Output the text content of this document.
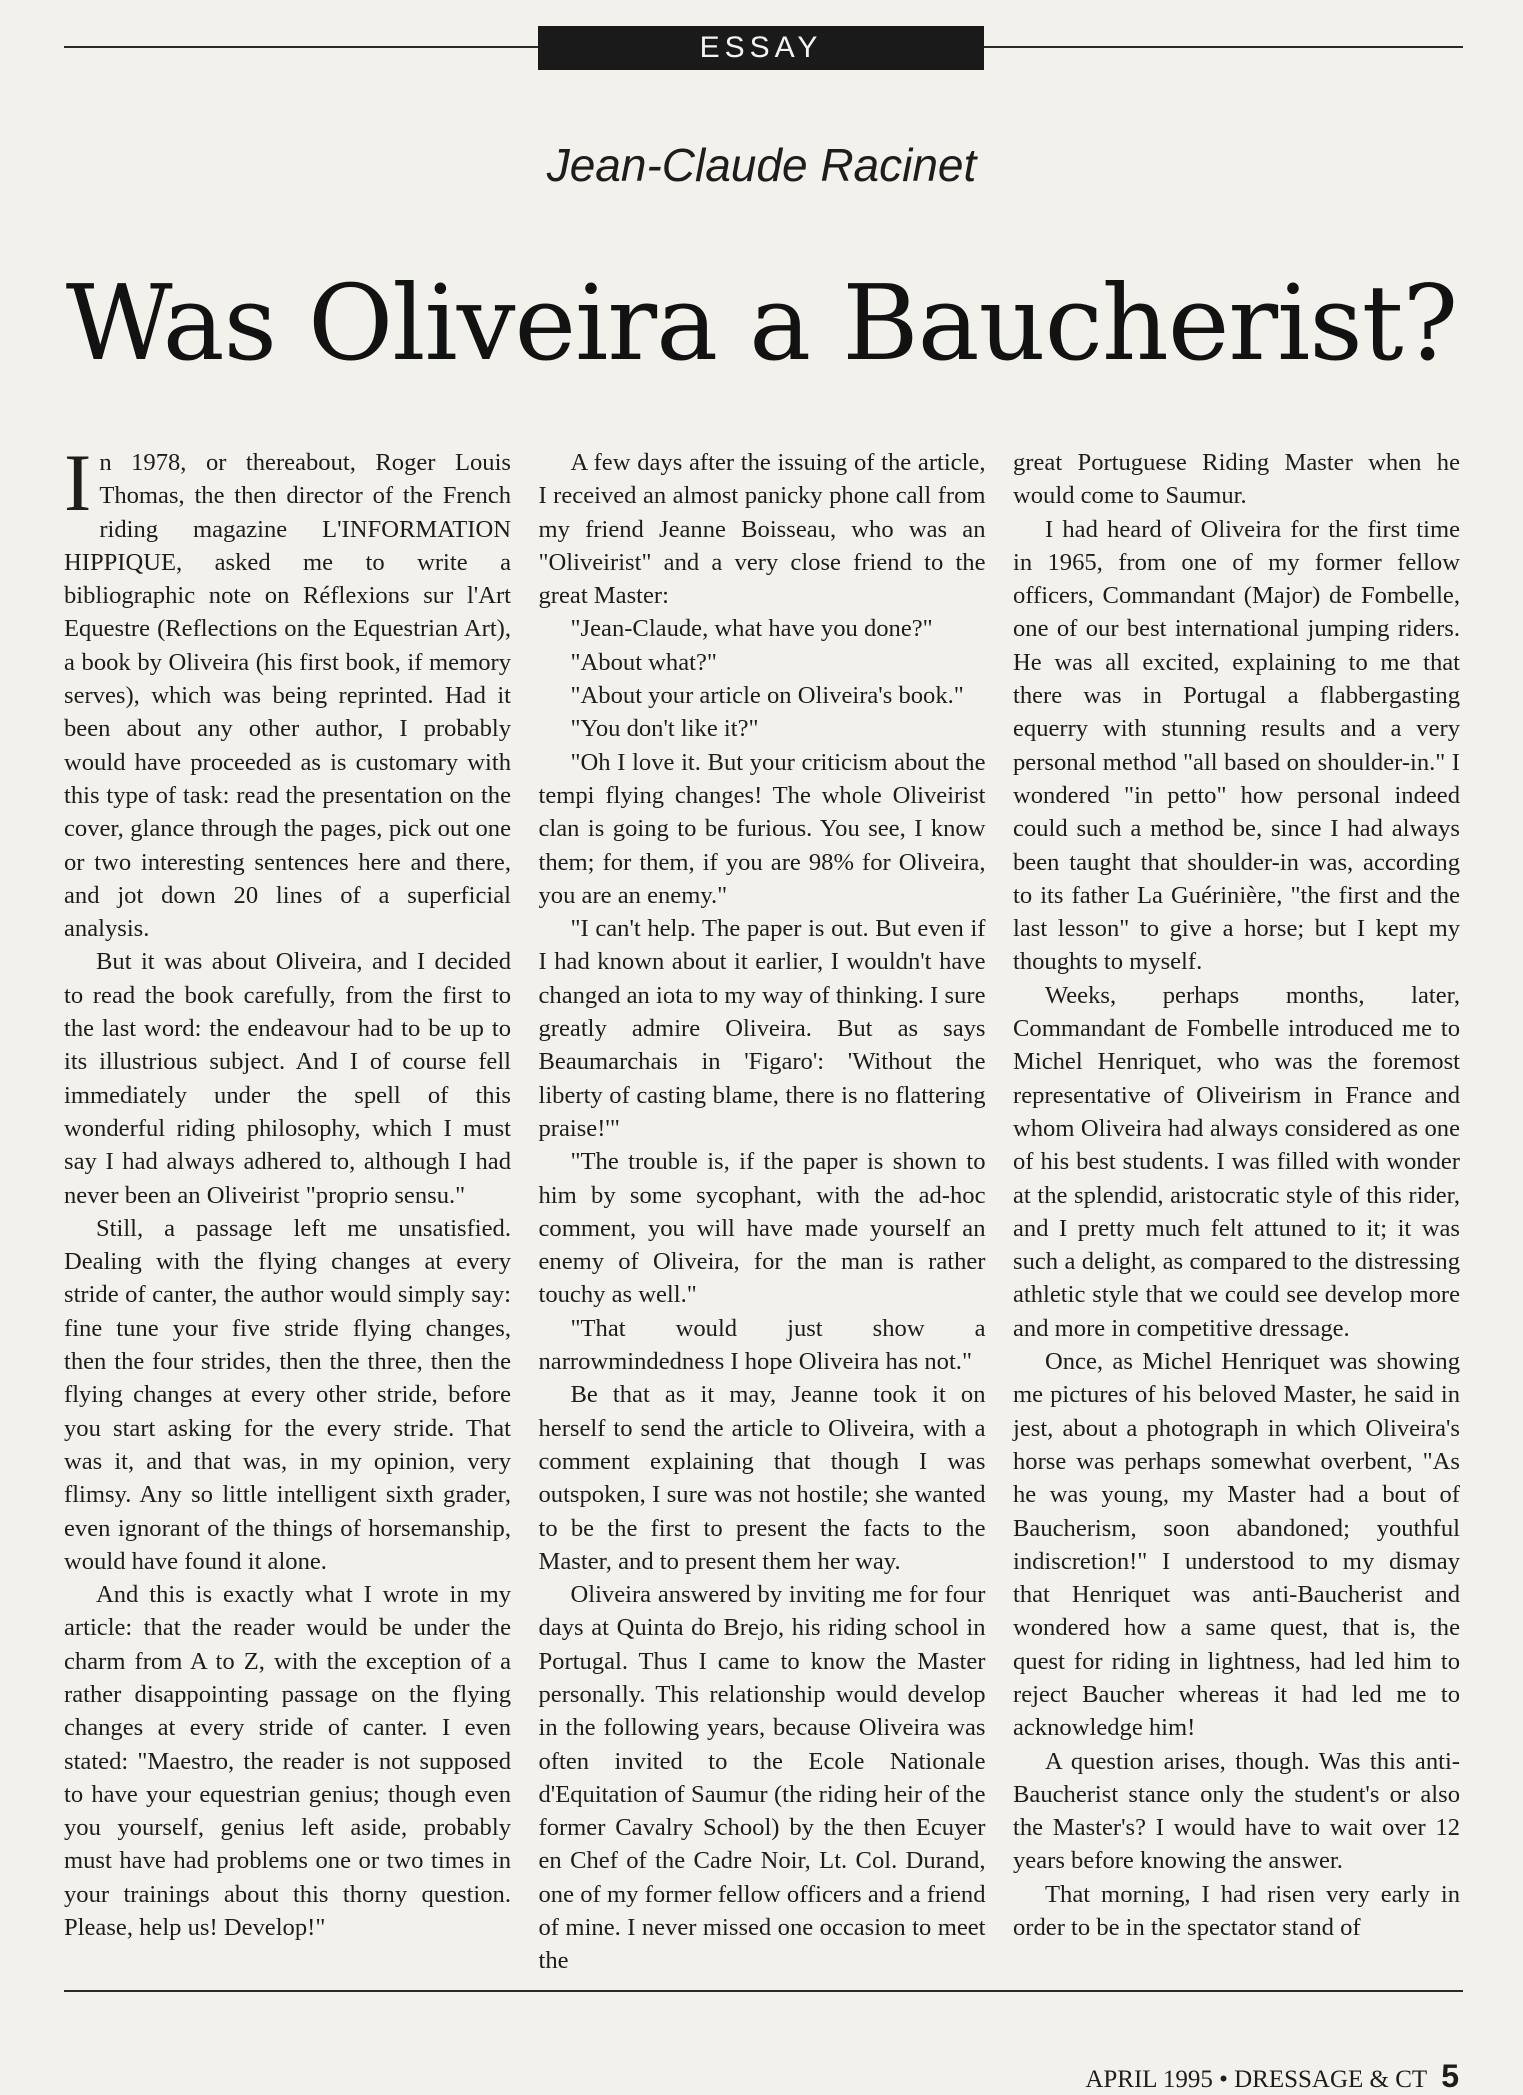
ESSAY
Jean-Claude Racinet
Was Oliveira a Baucherist?

In 1978, or thereabout, Roger Louis Thomas, the then director of the French riding magazine L'INFORMATION HIPPIQUE, asked me to write a bibliographic note on Réflexions sur l'Art Equestre (Reflections on the Equestrian Art), a book by Oliveira (his first book, if memory serves), which was being reprinted. Had it been about any other author, I probably would have proceeded as is customary with this type of task: read the presentation on the cover, glance through the pages, pick out one or two interesting sentences here and there, and jot down 20 lines of a superficial analysis.

But it was about Oliveira, and I decided to read the book carefully, from the first to the last word: the endeavour had to be up to its illustrious subject. And I of course fell immediately under the spell of this wonderful riding philosophy, which I must say I had always adhered to, although I had never been an Oliveirist "proprio sensu."

Still, a passage left me unsatisfied. Dealing with the flying changes at every stride of canter, the author would simply say: fine tune your five stride flying changes, then the four strides, then the three, then the flying changes at every other stride, before you start asking for the every stride. That was it, and that was, in my opinion, very flimsy. Any so little intelligent sixth grader, even ignorant of the things of horsemanship, would have found it alone.

And this is exactly what I wrote in my article: that the reader would be under the charm from A to Z, with the exception of a rather disappointing passage on the flying changes at every stride of canter. I even stated: "Maestro, the reader is not supposed to have your equestrian genius; though even you yourself, genius left aside, probably must have had problems one or two times in your trainings about this thorny question. Please, help us! Develop!"

A few days after the issuing of the article, I received an almost panicky phone call from my friend Jeanne Boisseau, who was an "Oliveirist" and a very close friend to the great Master:

"Jean-Claude, what have you done?"

"About what?"

"About your article on Oliveira's book."

"You don't like it?"

"Oh I love it. But your criticism about the tempi flying changes! The whole Oliveirist clan is going to be furious. You see, I know them; for them, if you are 98% for Oliveira, you are an enemy."

"I can't help. The paper is out. But even if I had known about it earlier, I wouldn't have changed an iota to my way of thinking. I sure greatly admire Oliveira. But as says Beaumarchais in 'Figaro': 'Without the liberty of casting blame, there is no flattering praise!'"

"The trouble is, if the paper is shown to him by some sycophant, with the ad-hoc comment, you will have made yourself an enemy of Oliveira, for the man is rather touchy as well."

"That would just show a narrowmindedness I hope Oliveira has not."

Be that as it may, Jeanne took it on herself to send the article to Oliveira, with a comment explaining that though I was outspoken, I sure was not hostile; she wanted to be the first to present the facts to the Master, and to present them her way.

Oliveira answered by inviting me for four days at Quinta do Brejo, his riding school in Portugal. Thus I came to know the Master personally. This relationship would develop in the following years, because Oliveira was often invited to the Ecole Nationale d'Equitation of Saumur (the riding heir of the former Cavalry School) by the then Ecuyer en Chef of the Cadre Noir, Lt. Col. Durand, one of my former fellow officers and a friend of mine. I never missed one occasion to meet the

great Portuguese Riding Master when he would come to Saumur.

I had heard of Oliveira for the first time in 1965, from one of my former fellow officers, Commandant (Major) de Fombelle, one of our best international jumping riders. He was all excited, explaining to me that there was in Portugal a flabbergasting equerry with stunning results and a very personal method "all based on shoulder-in." I wondered "in petto" how personal indeed could such a method be, since I had always been taught that shoulder-in was, according to its father La Guérinière, "the first and the last lesson" to give a horse; but I kept my thoughts to myself.

Weeks, perhaps months, later, Commandant de Fombelle introduced me to Michel Henriquet, who was the foremost representative of Oliveirism in France and whom Oliveira had always considered as one of his best students. I was filled with wonder at the splendid, aristocratic style of this rider, and I pretty much felt attuned to it; it was such a delight, as compared to the distressing athletic style that we could see develop more and more in competitive dressage.

Once, as Michel Henriquet was showing me pictures of his beloved Master, he said in jest, about a photograph in which Oliveira's horse was perhaps somewhat overbent, "As he was young, my Master had a bout of Baucherism, soon abandoned; youthful indiscretion!" I understood to my dismay that Henriquet was anti-Baucherist and wondered how a same quest, that is, the quest for riding in lightness, had led him to reject Baucher whereas it had led me to acknowledge him!

A question arises, though. Was this anti-Baucherist stance only the student's or also the Master's? I would have to wait over 12 years before knowing the answer.

That morning, I had risen very early in order to be in the spectator stand of

APRIL 1995 • DRESSAGE & CT 5
